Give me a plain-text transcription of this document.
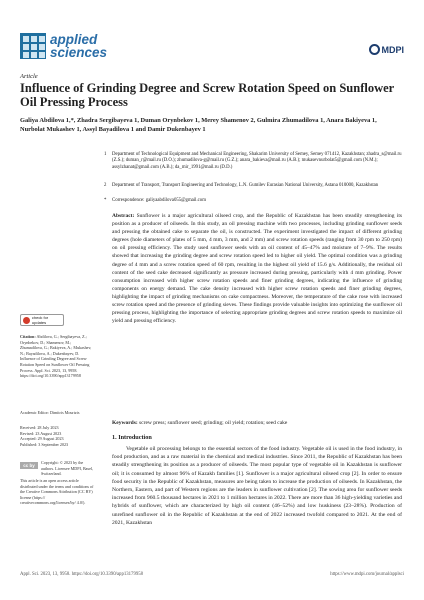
applied
sciences	MDPI
Article
Influence of Grinding Degree and Screw Rotation Speed on Sunflower Oil Pressing Process
Galiya Abdilova 1,*, Zhadra Sergibayeva 1, Duman Orynbekov 1, Merey Shamenov 2, Gulmira Zhumadilova 1, Anara Bakiyeva 1, Nurbolat Mukashev 1, Assyl Bayadilova 1 and Damir Dukenbayev 1
1 Department of Technological Equipment and Mechanical Engineering, Shakarim University of Semey, Semey 071412, Kazakhstan; zhadra_s@mail.ru (Z.S.); duman_r@mail.ru (D.O.); zhumadilova-g@mail.ru (G.Z.); anara_bakieva@mail.ru (A.B.); mukasevnurbolat5@gmail.com (N.M.); assylzhanat@gmail.com (A.B.); da_mir_1991@mail.ru (D.D.)
2 Department of Transport, Transport Engineering and Technology, L.N. Gumilev Eurasian National University, Astana 010000, Kazakhstan
* Correspondence: galiyaabdilova055@gmail.com
Abstract: Sunflower is a major agricultural oilseed crop, and the Republic of Kazakhstan has been steadily strengthening its position as a producer of oilseeds. In this study, an oil pressing machine with two processes, including grinding sunflower seeds and pressing the obtained cake to separate the oil, is constructed. The experiment investigated the impact of different grinding degrees (hole diameters of plates of 5 mm, 4 mm, 3 mm, and 2 mm) and screw rotation speeds (ranging from 30 rpm to 250 rpm) on oil pressing efficiency. The study used sunflower seeds with an oil content of 45–47% and moisture of 7–9%. The results showed that increasing the grinding degree and screw rotation speed led to higher oil yield. The optimal condition was a grinding degree of 4 mm and a screw rotation speed of 60 rpm, resulting in the highest oil yield of 15.6 g/s. Additionally, the residual oil content of the seed cake decreased significantly as pressure increased during pressing, particularly with 4 mm grinding. Power consumption increased with higher screw rotation speeds and finer grinding degrees, indicating the influence of grinding components on energy demand. The cake density increased with higher screw rotation speeds and finer grinding degrees, highlighting the impact of grinding mechanisms on cake compactness. Moreover, the temperature of the cake rose with increased screw rotation speed and the presence of grinding sieves. These findings provide valuable insights into optimizing the sunflower oil pressing process, highlighting the importance of selecting appropriate grinding degrees and screw rotation speeds to maximize oil yield and pressing efficiency.
Keywords: screw press; sunflower seed; grinding; oil yield; rotation; seed cake
check for updates
Citation: Abdilova, G.; Sergibayeva, Z.; Orynbekov, D.; Shamenov, M.; Zhumadilova, G.; Bakiyeva, A.; Mukashev, N.; Bayadilova, A.; Dukenbayev, D. Influence of Grinding Degree and Screw Rotation Speed on Sunflower Oil Pressing Process. Appl. Sci. 2023, 13, 9958. https://doi.org/10.3390/app13179958
Academic Editor: Dimitris Mourtzis
Received: 28 July 2023
Revised: 23 August 2023
Accepted: 29 August 2023
Published: 3 September 2023
cc by
Copyright: © 2023 by the authors. Licensee MDPI, Basel, Switzerland.
This article is an open access article distributed under the terms and conditions of the Creative Commons Attribution (CC BY) license (https:// creativecommons.org/licenses/by/ 4.0/).
1. Introduction

Vegetable oil processing belongs to the essential sectors of the food industry. Vegetable oil is used in the food industry, in food production, and as a raw material in the chemical and medical industries. Since 2011, the Republic of Kazakhstan has been steadily strengthening its position as a producer of oilseeds. The most popular type of vegetable oil in Kazakhstan is sunflower oil; it is consumed by almost 96% of Kazakh families [1]. Sunflower is a major agricultural oilseed crop [2]. In order to ensure food security in the Republic of Kazakhstan, measures are being taken to increase the production of oilseeds. In Kazakhstan, the Northern, Eastern, and part of Western regions are the leaders in sunflower cultivation [2]. The sowing area for sunflower seeds increased from 960.5 thousand hectares in 2021 to 1 million hectares in 2022. There are more than 36 high-yielding varieties and hybrids of sunflower, which are characterized by high oil content (46–52%) and low huskiness (23–28%). Production of unrefined sunflower oil in the Republic of Kazakhstan at the end of 2022 increased twofold compared to 2021. At the end of 2021, Kazakhstan

Appl. Sci. 2023, 13, 9958. https://doi.org/10.3390/app13179958	https://www.mdpi.com/journal/applsci
